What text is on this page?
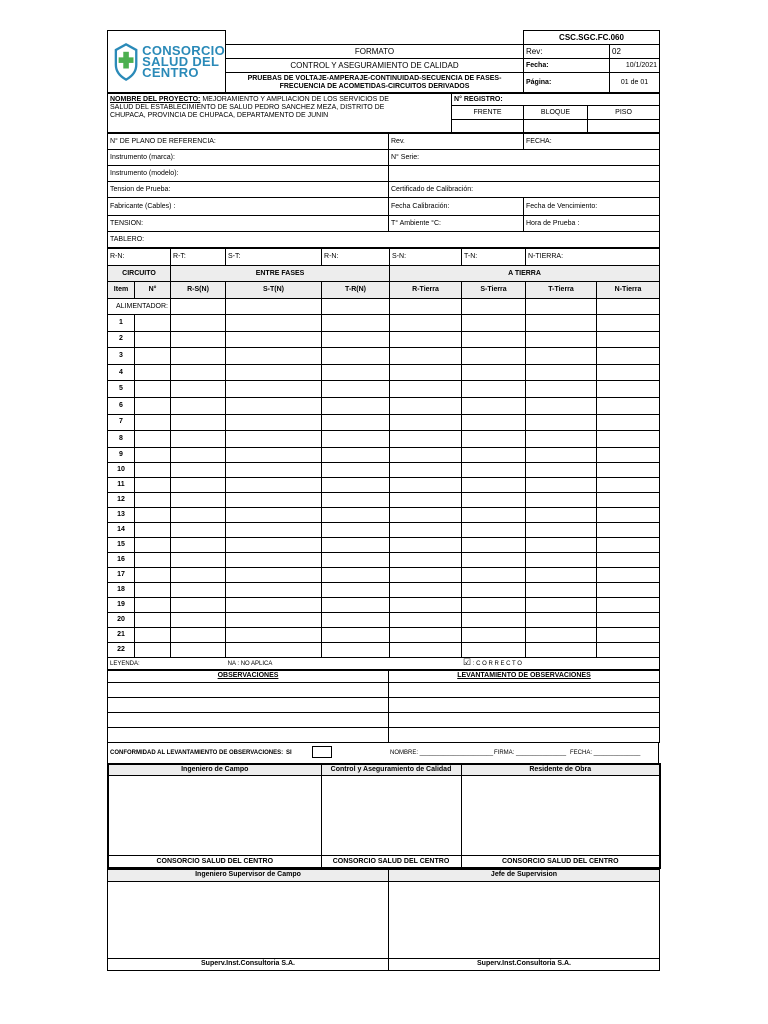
CONSORCIO
SALUD DEL
CENTRO		CSC.SGC.FC.060	
	FORMATO	Rev:	02
	CONTROL Y ASEGURAMIENTO DE CALIDAD	Fecha:	10/1/2021

	PRUEBAS DE VOLTAJE-AMPERAJE-CONTINUIDAD-SECUENCIA DE FASES-
FRECUENCIA DE ACOMETIDAS-CIRCUITOS DERIVADOS	Página:	01 de 01
NOMBRE DEL PROYECTO: MEJORAMIENTO Y AMPLIACION DE LOS SERVICIOS DE
SALUD DEL ESTABLECIMIENTO DE SALUD PEDRO SANCHEZ MEZA, DISTRITO DE
CHUPACA, PROVINCIA DE CHUPACA, DEPARTAMENTO DE JUNIN	N° REGISTRO:		
	FRENTE	BLOQUE	PISO

N° DE PLANO DE REFERENCIA:	Rev.	FECHA:
Instrumento (marca):	N° Serie:	
Instrumento (modelo):		
Tension de Prueba:	Certificado de Calibración:	
Fabricante (Cables) :	Fecha Calibración:	Fecha de Vencimiento:
TENSION:	T° Ambiente °C:	Hora de Prueba :
TABLERO:		
R-N:		R-T:	S-T:	R-N:	S-N:	T-N:	N-TIERRA:	
CIRCUITO		ENTRE FASES			A TIERRA			
Item	N°	R-S(N)	S-T(N)	T-R(N)	R-Tierra	S-Tierra	T-Tierra	N-Tierra
ALIMENTADOR:								
1								
2								
3								
4								
5								
6								
7								
8								
9								
10								
11								
12								
13								
14								
15								
16								
17								
18								
19								
20								
21								
22								
LEYENDA: NA : NO APLICA ☑ : C O R R E C T O								
OBSERVACIONES	LEVANTAMIENTO DE OBSERVACIONES

CONFORMIDAD AL LEVANTAMIENTO DE OBSERVACIONES: SI	NOMBRE: ______________________ FIRMA: _______________ FECHA: ______________
Ingeniero de Campo	Control y Aseguramiento de Calidad	Residente de Obra

CONSORCIO SALUD DEL CENTRO	CONSORCIO SALUD DEL CENTRO	CONSORCIO SALUD DEL CENTRO
Ingeniero Supervisor de Campo	Jefe de Supervision

Superv.Inst.Consultoria S.A.	Superv.Inst.Consultoria S.A.
